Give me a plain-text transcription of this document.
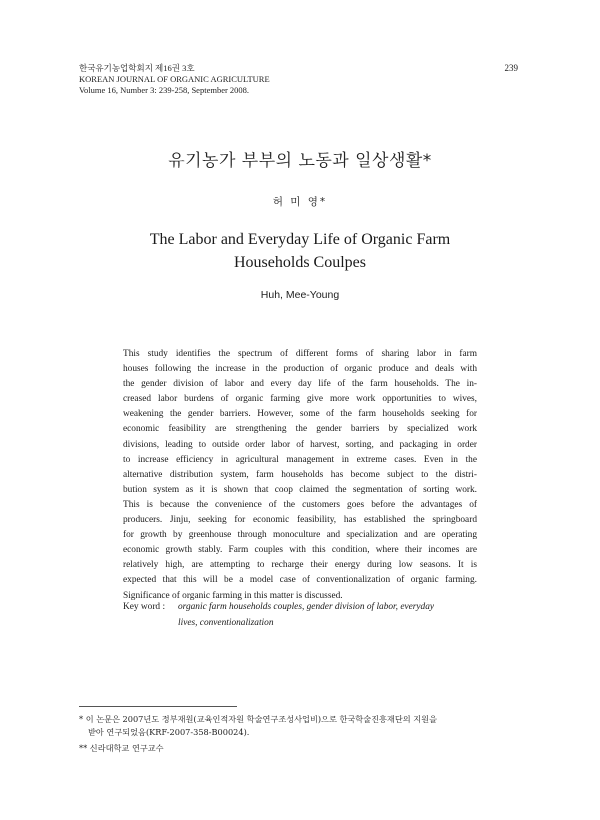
한국유기농업학회지 제16권 3호
KOREAN JOURNAL OF ORGANIC AGRICULTURE
Volume 16, Number 3: 239-258, September 2008.
239
유기농가 부부의 노동과 일상생활*
허 미 영*
The Labor and Everyday Life of Organic Farm
Households Coulpes
Huh, Mee-Young
This study identifies the spectrum of different forms of sharing labor in farm
houses following the increase in the production of organic produce and deals with
the gender division of labor and every day life of the farm households. The in-
creased labor burdens of organic farming give more work opportunities to wives,
weakening the gender barriers. However, some of the farm households seeking for
economic feasibility are strengthening the gender barriers by specialized work
divisions, leading to outside order labor of harvest, sorting, and packaging in order
to increase efficiency in agricultural management in extreme cases. Even in the
alternative distribution system, farm households has become subject to the distri-
bution system as it is shown that coop claimed the segmentation of sorting work.
This is because the convenience of the customers goes before the advantages of
producers. Jinju, seeking for economic feasibility, has established the springboard
for growth by greenhouse through monoculture and specialization and are operating
economic growth stably. Farm couples with this condition, where their incomes are
relatively high, are attempting to recharge their energy during low seasons. It is
expected that this will be a model case of conventionalization of organic farming.
Significance of organic farming in this matter is discussed.
Key word : organic farm households couples, gender division of labor, everyday
lives, conventionalization
* 이 논문은 2007년도 정부재원(교육인적자원 학술연구조성사업비)으로 한국학술진흥재단의 지원을
받아 연구되었음(KRF-2007-358-B00024).
** 신라대학교 연구교수
